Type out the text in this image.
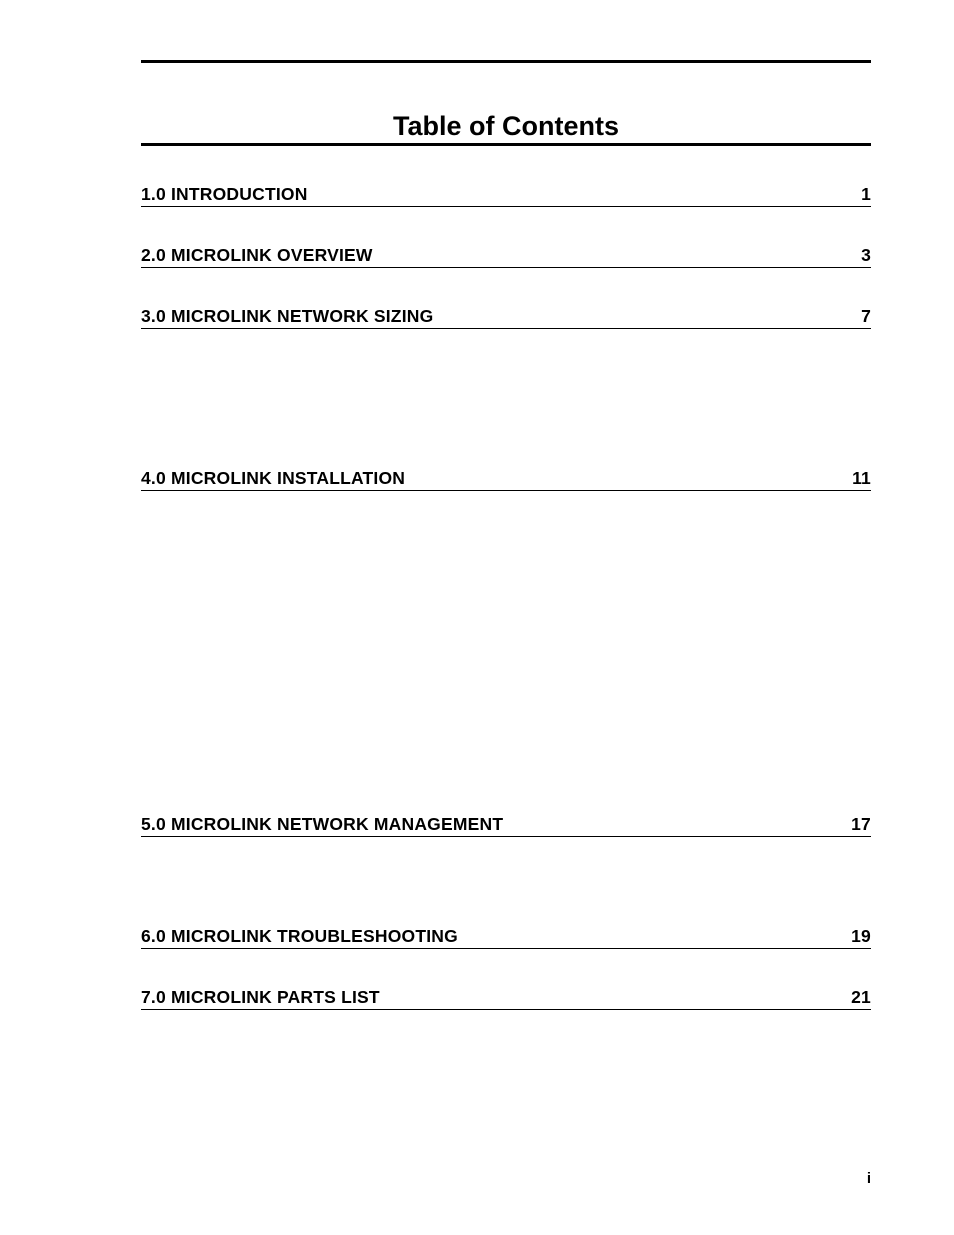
Table of Contents
1.0 INTRODUCTION	1
2.0 MICROLINK OVERVIEW	3
3.0 MICROLINK NETWORK SIZING	7
4.0 MICROLINK INSTALLATION	11
5.0 MICROLINK NETWORK MANAGEMENT	17
6.0 MICROLINK TROUBLESHOOTING	19
7.0 MICROLINK PARTS LIST	21
i
